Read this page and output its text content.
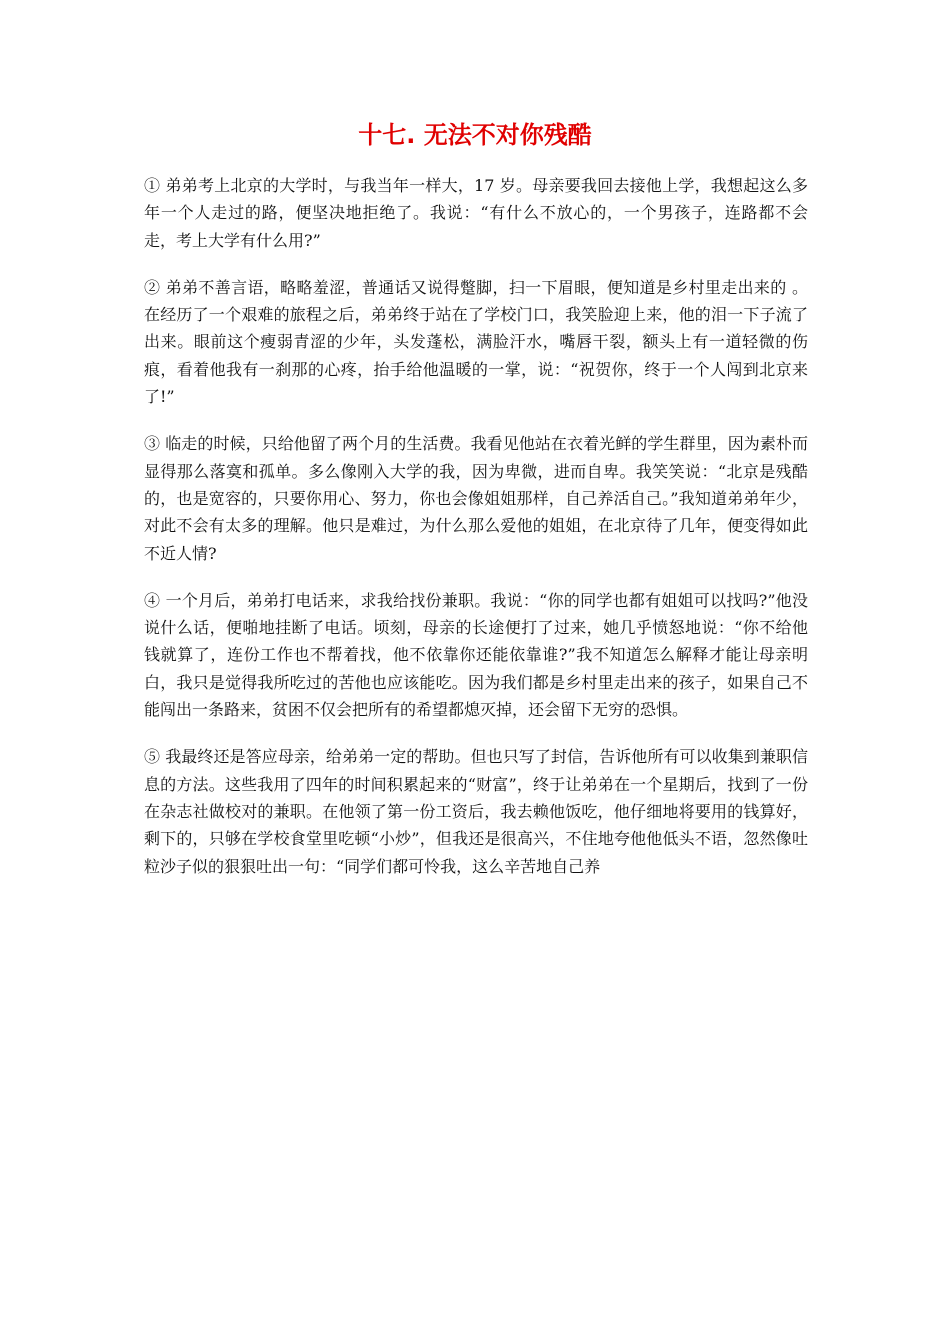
十七. 无法不对你残酷

① 弟弟考上北京的大学时，与我当年一样大，17 岁。母亲要我回去接他上学，我想起这么多年一个人走过的路，便坚决地拒绝了。我说：“有什么不放心的，一个男孩子，连路都不会走，考上大学有什么用?”

② 弟弟不善言语，略略羞涩，普通话又说得蹩脚，扫一下眉眼，便知道是乡村里走出来的 。在经历了一个艰难的旅程之后，弟弟终于站在了学校门口，我笑脸迎上来，他的泪一下子流了出来。眼前这个瘦弱青涩的少年，头发蓬松，满脸汗水，嘴唇干裂，额头上有一道轻微的伤痕，看着他我有一刹那的心疼，抬手给他温暖的一掌，说：“祝贺你，终于一个人闯到北京来了!”

③ 临走的时候，只给他留了两个月的生活费。我看见他站在衣着光鲜的学生群里，因为素朴而显得那么落寞和孤单。多么像刚入大学的我，因为卑微，进而自卑。我笑笑说：“北京是残酷的，也是宽容的，只要你用心、努力，你也会像姐姐那样，自己养活自己。”我知道弟弟年少，对此不会有太多的理解。他只是难过，为什么那么爱他的姐姐，在北京待了几年，便变得如此不近人情?

④ 一个月后，弟弟打电话来，求我给找份兼职。我说：“你的同学也都有姐姐可以找吗?”他没说什么话，便啪地挂断了电话。顷刻，母亲的长途便打了过来，她几乎愤怒地说：“你不给他钱就算了，连份工作也不帮着找，他不依靠你还能依靠谁?”我不知道怎么解释才能让母亲明白，我只是觉得我所吃过的苦他也应该能吃。因为我们都是乡村里走出来的孩子，如果自己不能闯出一条路来，贫困不仅会把所有的希望都熄灭掉，还会留下无穷的恐惧。

⑤ 我最终还是答应母亲，给弟弟一定的帮助。但也只写了封信，告诉他所有可以收集到兼职信息的方法。这些我用了四年的时间积累起来的“财富”，终于让弟弟在一个星期后，找到了一份在杂志社做校对的兼职。在他领了第一份工资后，我去赖他饭吃，他仔细地将要用的钱算好，剩下的，只够在学校食堂里吃顿“小炒”，但我还是很高兴，不住地夸他他低头不语，忽然像吐粒沙子似的狠狠吐出一句：“同学们都可怜我，这么辛苦地自己养
